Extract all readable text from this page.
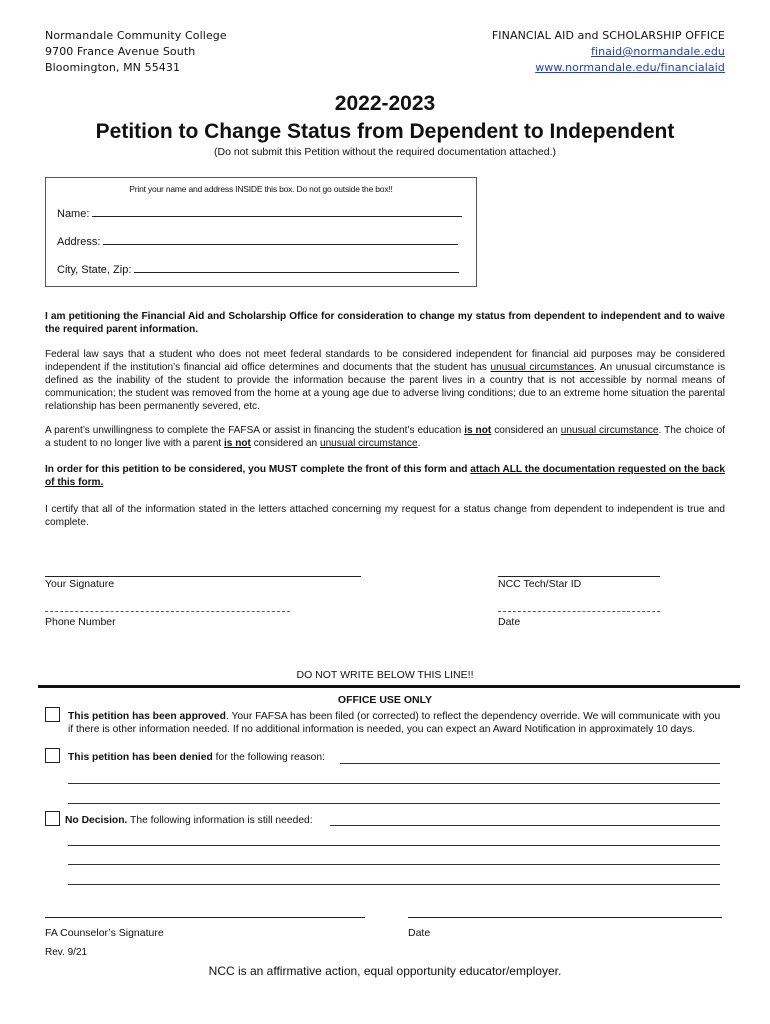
Normandale Community College
9700 France Avenue South
Bloomington, MN 55431
FINANCIAL AID and SCHOLARSHIP OFFICE
finaid@normandale.edu
www.normandale.edu/financialaid
2022-2023
Petition to Change Status from Dependent to Independent
(Do not submit this Petition without the required documentation attached.)
Print your name and address INSIDE this box. Do not go outside the box!!
Name:
Address:
City, State, Zip:
I am petitioning the Financial Aid and Scholarship Office for consideration to change my status from dependent to independent and to waive the required parent information.
Federal law says that a student who does not meet federal standards to be considered independent for financial aid purposes may be considered independent if the institution’s financial aid office determines and documents that the student has unusual circumstances. An unusual circumstance is defined as the inability of the student to provide the information because the parent lives in a country that is not accessible by normal means of communication; the student was removed from the home at a young age due to adverse living conditions; due to an extreme home situation the parental relationship has been permanently severed, etc.
A parent’s unwillingness to complete the FAFSA or assist in financing the student’s education is not considered an unusual circumstance. The choice of a student to no longer live with a parent is not considered an unusual circumstance.
In order for this petition to be considered, you MUST complete the front of this form and attach ALL the documentation requested on the back of this form.
I certify that all of the information stated in the letters attached concerning my request for a status change from dependent to independent is true and complete.
Your Signature	NCC Tech/Star ID
Phone Number	Date
DO NOT WRITE BELOW THIS LINE!!
OFFICE USE ONLY
This petition has been approved. Your FAFSA has been filed (or corrected) to reflect the dependency override. We will communicate with you if there is other information needed. If no additional information is needed, you can expect an Award Notification in approximately 10 days.
This petition has been denied for the following reason:
No Decision. The following information is still needed:
FA Counselor’s Signature	Date
Rev. 9/21
NCC is an affirmative action, equal opportunity educator/employer.
